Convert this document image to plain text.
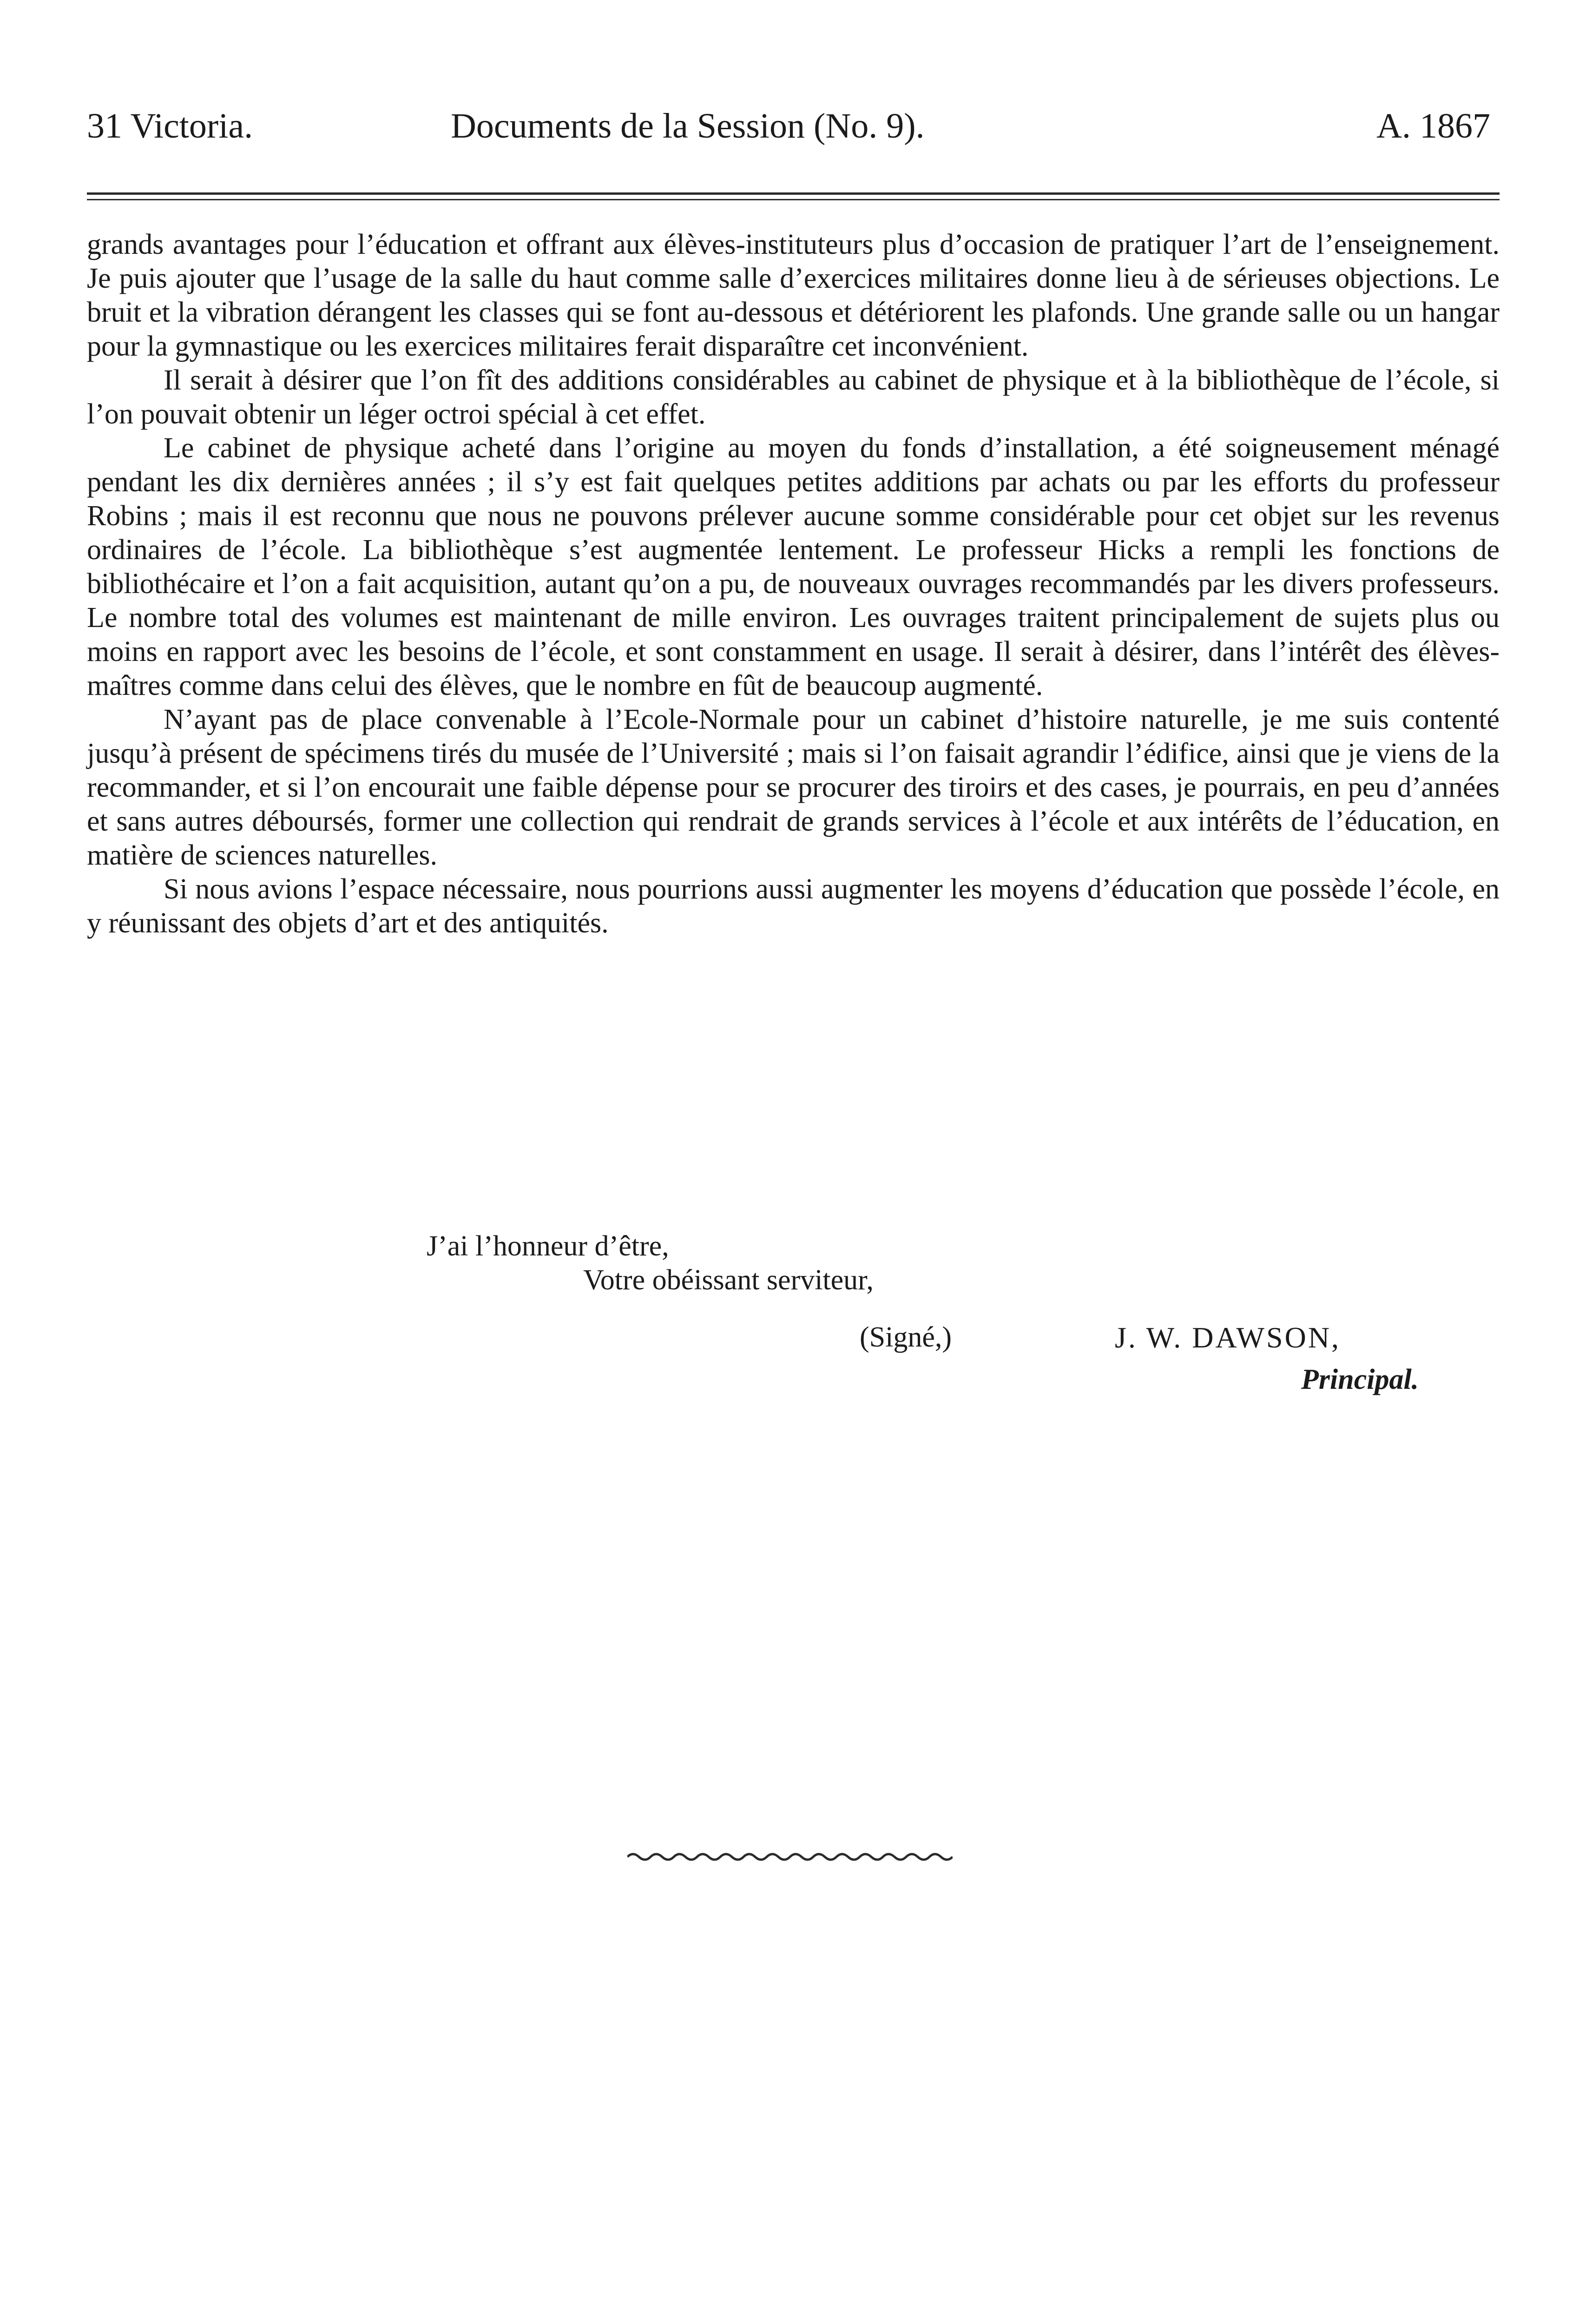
31 Victoria.	Documents de la Session (No. 9).	A. 1867

grands avantages pour l’éducation et offrant aux élèves-instituteurs plus d’occasion de pratiquer l’art de l’enseignement. Je puis ajouter que l’usage de la salle du haut comme salle d’exercices militaires donne lieu à de sérieuses objections. Le bruit et la vibration dérangent les classes qui se font au-dessous et détériorent les plafonds. Une grande salle ou un hangar pour la gymnastique ou les exercices militaires ferait disparaître cet inconvénient.

Il serait à désirer que l’on fît des additions considérables au cabinet de physique et à la bibliothèque de l’école, si l’on pouvait obtenir un léger octroi spécial à cet effet.

Le cabinet de physique acheté dans l’origine au moyen du fonds d’installation, a été soigneusement ménagé pendant les dix dernières années ; il s’y est fait quelques petites additions par achats ou par les efforts du professeur Robins ; mais il est reconnu que nous ne pouvons prélever aucune somme considérable pour cet objet sur les revenus ordinaires de l’école. La bibliothèque s’est augmentée lentement. Le professeur Hicks a rempli les fonctions de bibliothécaire et l’on a fait acquisition, autant qu’on a pu, de nouveaux ouvrages recommandés par les divers professeurs. Le nombre total des volumes est maintenant de mille environ. Les ouvrages traitent principalement de sujets plus ou moins en rapport avec les besoins de l’école, et sont constamment en usage. Il serait à désirer, dans l’intérêt des élèves-maîtres comme dans celui des élèves, que le nombre en fût de beaucoup augmenté.

N’ayant pas de place convenable à l’Ecole-Normale pour un cabinet d’histoire naturelle, je me suis contenté jusqu’à présent de spécimens tirés du musée de l’Université ; mais si l’on faisait agrandir l’édifice, ainsi que je viens de la recommander, et si l’on encourait une faible dépense pour se procurer des tiroirs et des cases, je pourrais, en peu d’années et sans autres déboursés, former une collection qui rendrait de grands services à l’école et aux intérêts de l’éducation, en matière de sciences naturelles.

Si nous avions l’espace nécessaire, nous pourrions aussi augmenter les moyens d’éducation que possède l’école, en y réunissant des objets d’art et des antiquités.

J’ai l’honneur d’être,
Votre obéissant serviteur,
(Signé,)	J. W. DAWSON,
Principal.
